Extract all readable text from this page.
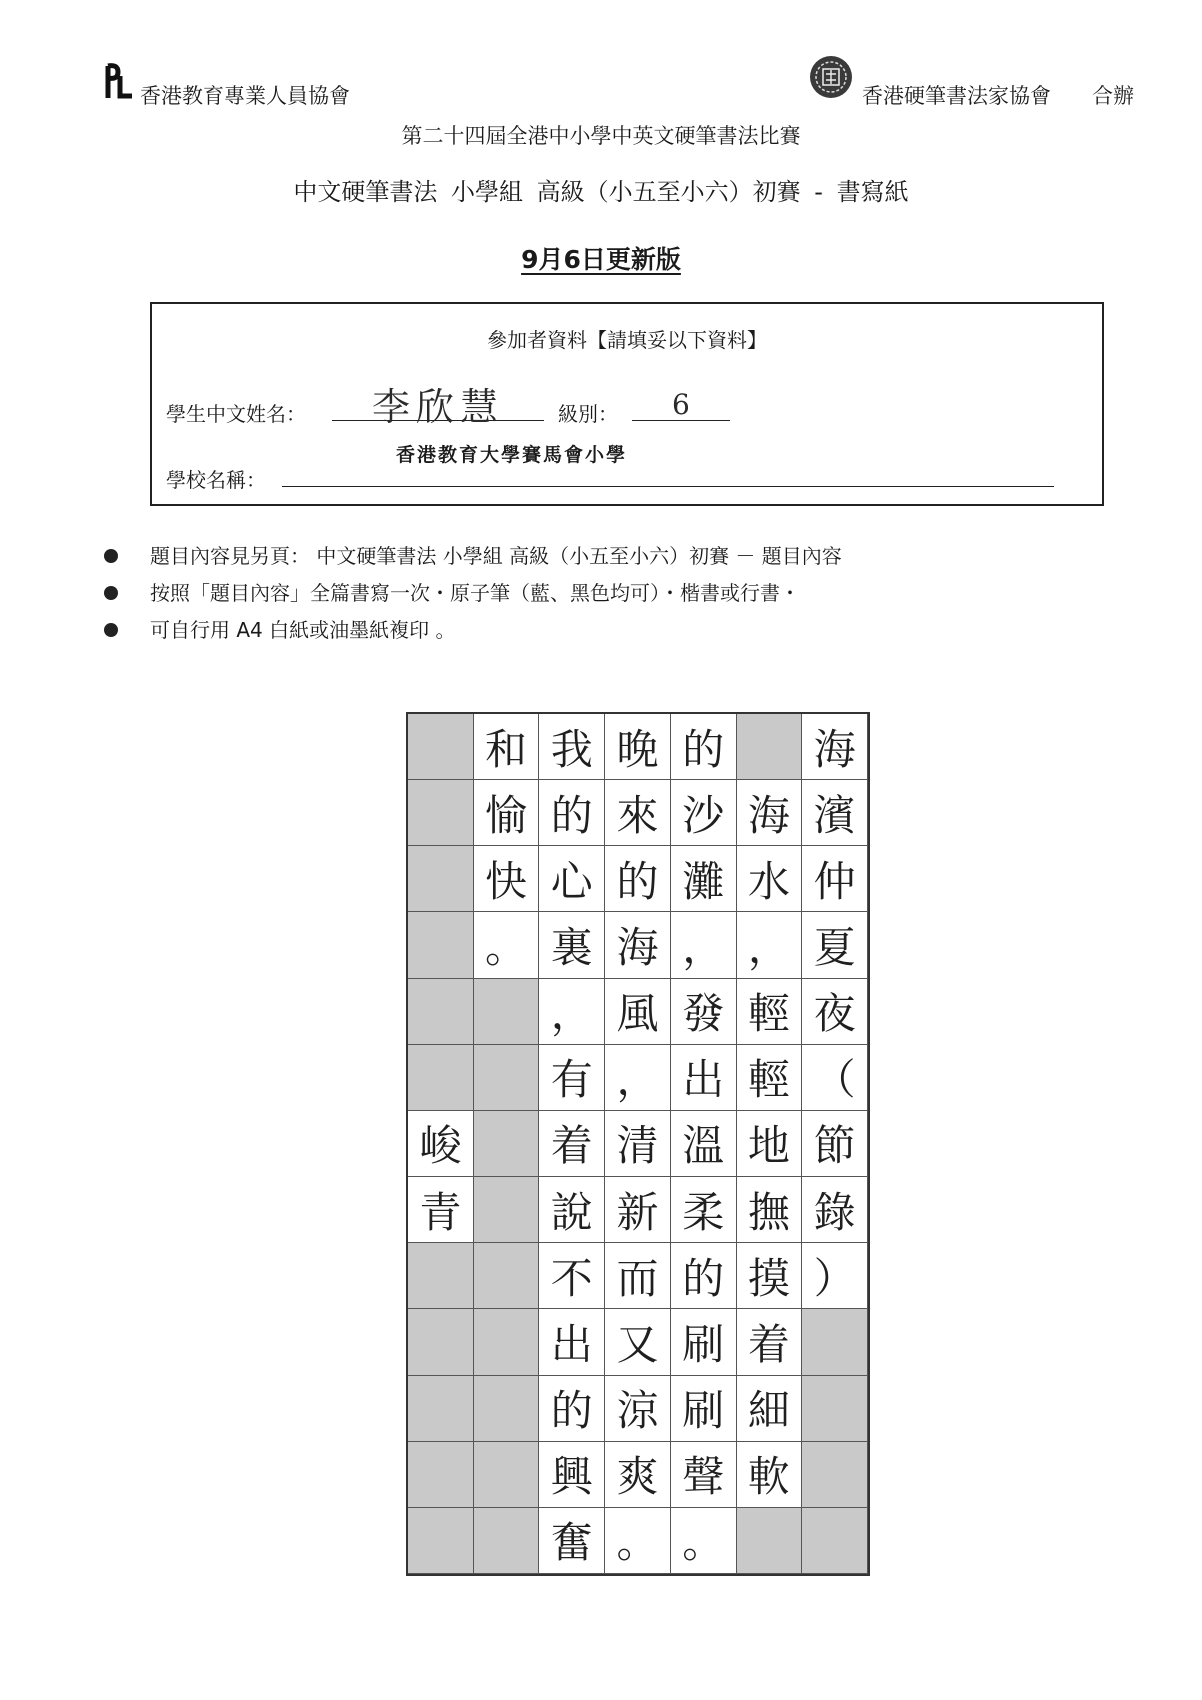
香港教育專業人員協會	香港硬筆書法家協會 合辦
第二十四屆全港中小學中英文硬筆書法比賽
中文硬筆書法 小學組 高級（小五至小六）初賽 - 書寫紙
9月6日更新版
參加者資料【請填妥以下資料】
學生中文姓名： 李欣慧	級別： 6
香港教育大學賽馬會小學
學校名稱：
題目內容見另頁： 中文硬筆書法 小學組 高級（小五至小六）初賽 － 題目內容
按照「題目內容」全篇書寫一次・原子筆（藍、黑色均可）・楷書或行書・
可自行用 A4 白紙或油墨紙複印 。
海
濱
仲
夏
夜
（
節
錄
）
海
水
，
輕
輕
地
撫
摸
着
細
軟
的
沙
灘
，
發
出
溫
柔
的
刷
刷
聲
。
晚
來
的
海
風
，
清
新
而
又
涼
爽
。
我
的
心
裏
，
有
着
說
不
出
的
興
奮
和
愉
快
。
峻
青
